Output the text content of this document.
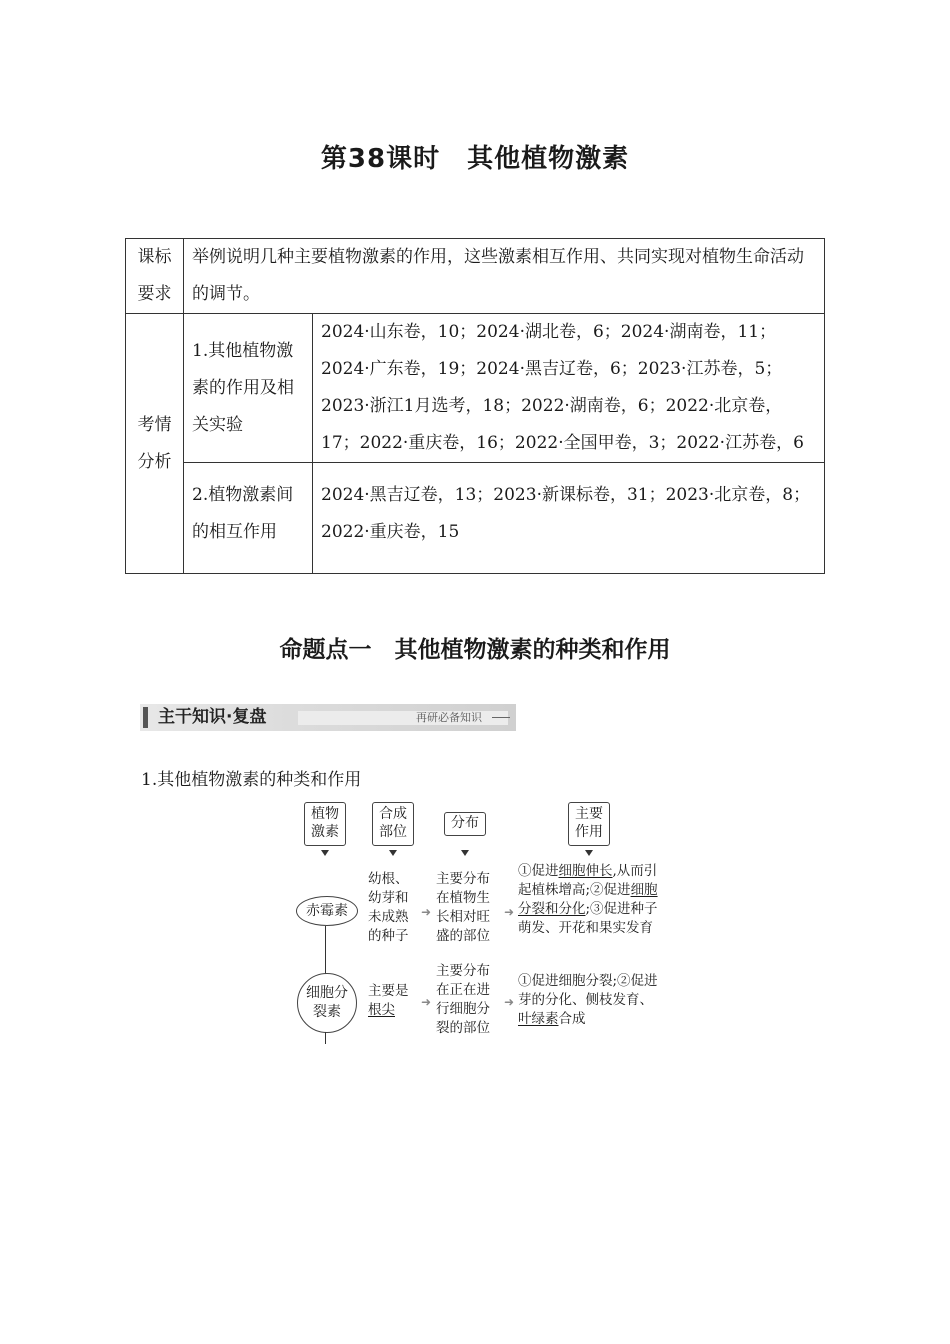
第38课时　其他植物激素
课标要求	举例说明几种主要植物激素的作用，这些激素相互作用、共同实现对植物生命活动的调节。	
考情分析	1.其他植物激素的作用及相关实验	2024·山东卷，10；2024·湖北卷，6；2024·湖南卷，11；2024·广东卷，19；2024·黑吉辽卷，6；2023·江苏卷，5；2023·浙江1月选考，18；2022·湖南卷，6；2022·北京卷，17；2022·重庆卷，16；2022·全国甲卷，3；2022·江苏卷，6
	2.植物激素间的相互作用	2024·黑吉辽卷，13；2023·新课标卷，31；2023·北京卷，8；2022·重庆卷，15
命题点一　其他植物激素的种类和作用
主干知识·复盘	再研必备知识
1.其他植物激素的种类和作用
植物激素
合成部位
分布
主要作用
赤霉素
幼根、幼芽和未成熟的种子
➜
主要分布在植物生长相对旺盛的部位
➜
①促进细胞伸长,从而引起植株增高;②促进细胞分裂和分化;③促进种子萌发、开花和果实发育
细胞分裂素
主要是
根尖	➜
主要分布在正在进行细胞分裂的部位
➜
①促进细胞分裂;②促进芽的分化、侧枝发育、叶绿素合成
